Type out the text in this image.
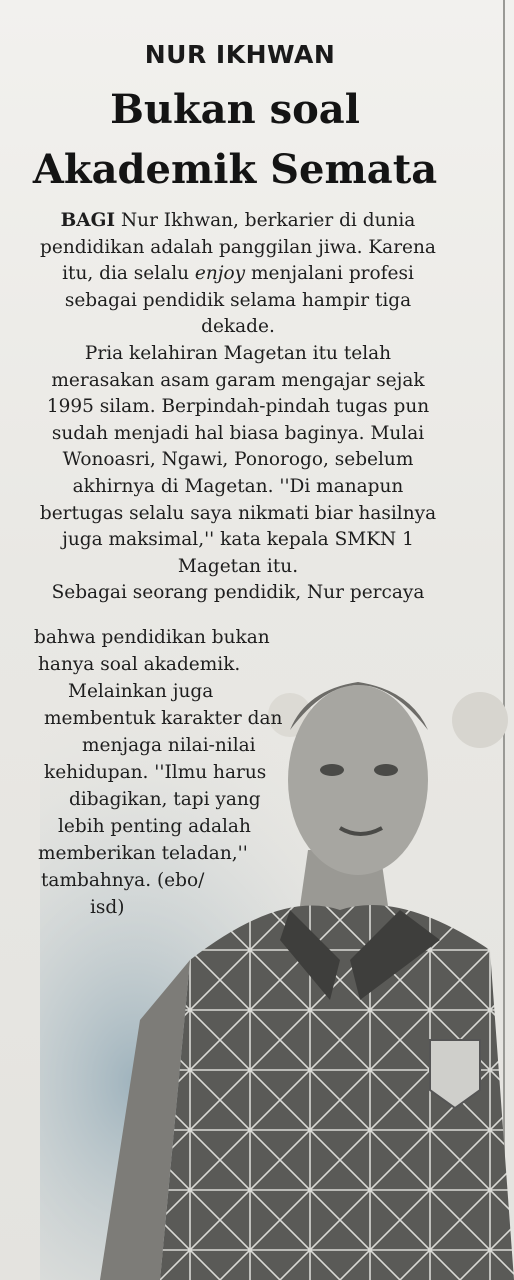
NUR IKHWAN
Bukan soal
Akademik Semata
BAGI Nur Ikhwan, berkarier di dunia
pendidikan adalah panggilan jiwa. Karena
itu, dia selalu enjoy menjalani profesi
sebagai pendidik selama hampir tiga
dekade.
Pria kelahiran Magetan itu telah
merasakan asam garam mengajar sejak
1995 silam. Berpindah-pindah tugas pun
sudah menjadi hal biasa baginya. Mulai
Wonoasri, Ngawi, Ponorogo, sebelum
akhirnya di Magetan. ''Di manapun
bertugas selalu saya nikmati biar hasilnya
juga maksimal,'' kata kepala SMKN 1
Magetan itu.
Sebagai seorang pendidik, Nur percaya
bahwa pendidikan bukan
hanya soal akademik.
Melainkan juga
membentuk karakter dan
menjaga nilai-nilai
kehidupan. ''Ilmu harus
dibagikan, tapi yang
lebih penting adalah
memberikan teladan,''
tambahnya. (ebo/
isd)
